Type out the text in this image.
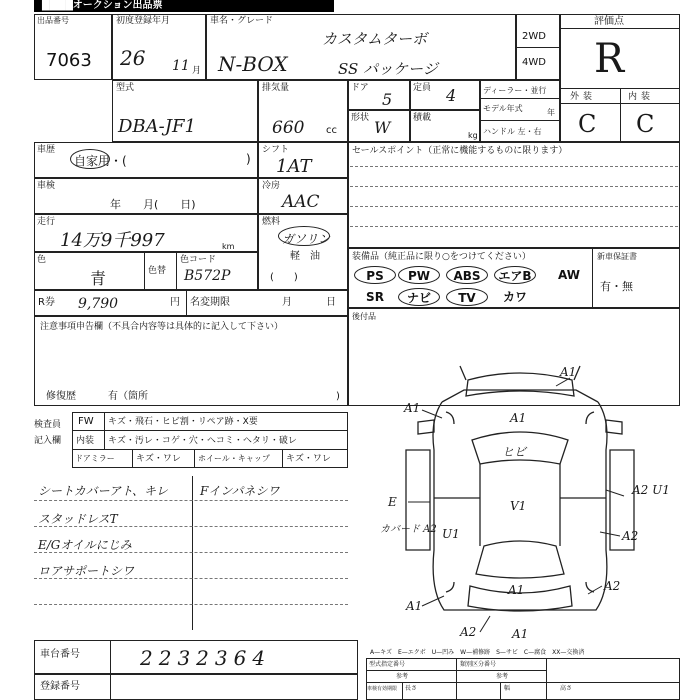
████オークション出品票
出品番号
7063
初度登録年月
26 11 月
車名・グレード
カスタムターボ
N-BOX	SS パッケージ
2WD
4WD
評価点
R
外装	内装
C C
型式
DBA-JF1
排気量
660 cc
ドア
5
定員 4
形状 W	積載
kg
ディーラー・並行
モデル年式	年
ハンドル 左・右
車歴
自家用・(	)
シフト
1AT
車検
年　　月(　　日)
冷房
AAC
走行
14万9千997	km
燃料
ガソリン
軽　油
(　　)
色
青	色替
色コード
B572P
R券 9,790	円 名変期限	月	日
セールスポイント（正常に機能するものに限ります）
装備品（純正品に限り○をつけてください）	新車保証書
有・無
PS	PW	ABS	エアB	AW
SR	ナビ	TV	カワ
後付品
注意事項申告欄（不具合内容等は具体的に記入して下さい）
修復歴	有（箇所	)
検査員
記入欄
FW キズ・飛石・ヒビ割・リペア跡・X要
内装 キズ・汚レ・コゲ・穴・ヘコミ・ヘタリ・破レ
ドアミラー キズ・ワレ ホイール・キャップ キズ・ワレ
シートカバーアト、キレ
スタッドレスT
E/Gオイルにじみ
ロアサポートシワ
Fインパネシワ
A1
A1
A1
ヒビ
V1
A2 U1
E
カバード A2 U1	A2
A1
A1
A2
A1
A2
A—キズ　E—エクボ　U—凹み　W—補修跡　S—サビ　C—腐食　XX—交換済
車台番号	2232364
登録番号
型式指定番号	類別区分番号
参考	参考
車検有効期限 長さ	幅	高さ
